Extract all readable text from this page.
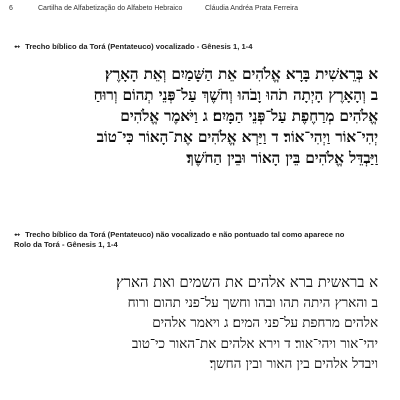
6	Cartilha de Alfabetização do Alfabeto Hebraico	Cláudia Andréa Prata Ferreira
➻ Trecho bíblico da Torá (Pentateuco) vocalizado - Gênesis 1, 1-4
א בְּרֵאשִׁית בָּרָא אֱלֹהִים אֵת הַשָּׁמַיִם וְאֵת הָאָרֶץ׃
ב וְהָאָרֶץ הָיְתָה תֹהוּ וָבֹהוּ וְחֹשֶׁךְ עַל־פְּנֵי תְהוֹם וְרוּחַ
אֱלֹהִים מְרַחֶפֶת עַל־פְּנֵי הַמָּיִם׃ ג וַיֹּאמֶר אֱלֹהִים
יְהִי־אוֹר וַיְהִי־אוֹר׃ ד וַיַּרְא אֱלֹהִים אֶת־הָאוֹר כִּי־טוֹב
וַיַּבְדֵּל אֱלֹהִים בֵּין הָאוֹר וּבֵין הַחֹשֶׁךְ׃
➻ Trecho bíblico da Torá (Pentateuco) não vocalizado e não pontuado tal como aparece no
Rolo da Torá - Gênesis 1, 1-4
א בראשית ברא אלהים את השמים ואת הארץ׃
ב והארץ היתה תהו ובהו וחשך על־פני תהום ורוח
אלהים מרחפת על־פני המים׃ ג ויאמר אלהים
יהי־אור ויהי־אור׃ ד וירא אלהים את־האור כי־טוב
ויבדל אלהים בין האור ובין החשך׃
